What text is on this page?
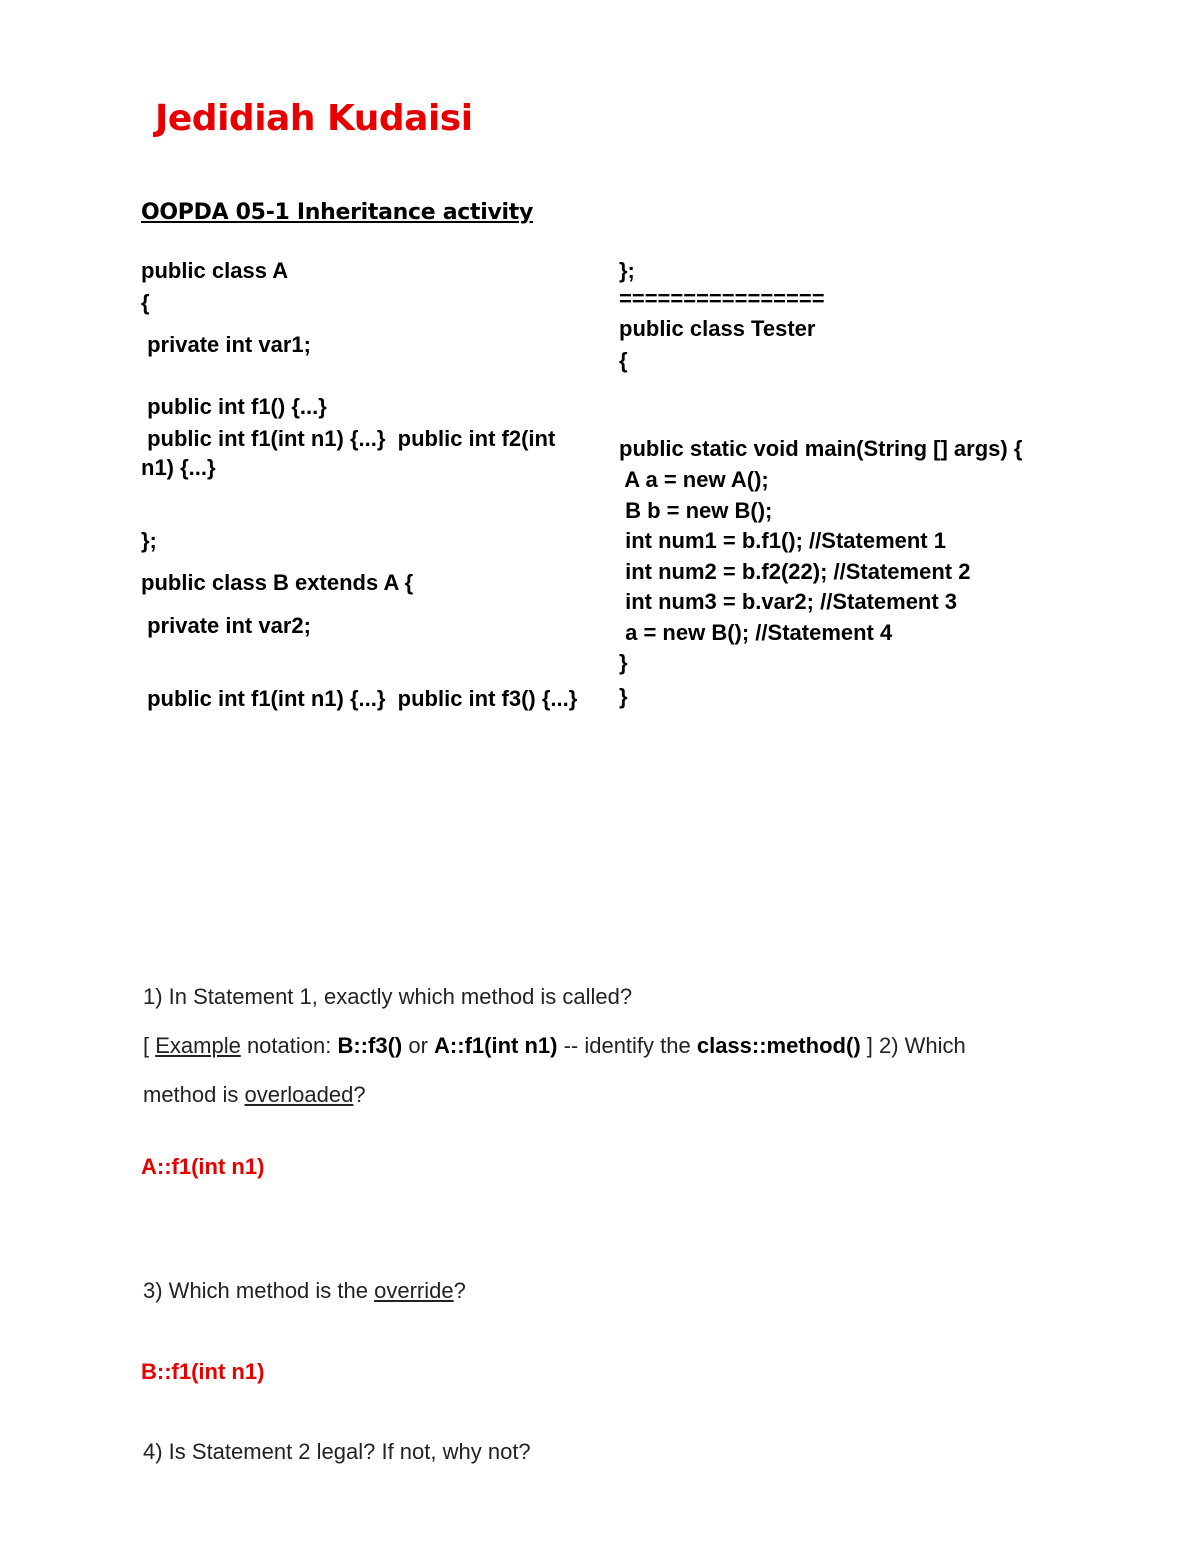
Jedidiah Kudaisi
OOPDA 05-1 Inheritance activity
public class A
{
private int var1;
public int f1() {...}
public int f1(int n1) {...}  public int f2(int
n1) {...}
};
public class B extends A {
private int var2;
public int f1(int n1) {...}  public int f3() {...}
};
================
public class Tester
{
public static void main(String [] args) {
A a = new A();
B b = new B();
int num1 = b.f1(); //Statement 1
int num2 = b.f2(22); //Statement 2
int num3 = b.var2; //Statement 3
a = new B(); //Statement 4
}
}
1) In Statement 1, exactly which method is called?
[ Example notation: B::f3() or A::f1(int n1) -- identify the class::method() ] 2) Which
method is overloaded?
A::f1(int n1)
3) Which method is the override?
B::f1(int n1)
4) Is Statement 2 legal? If not, why not?
